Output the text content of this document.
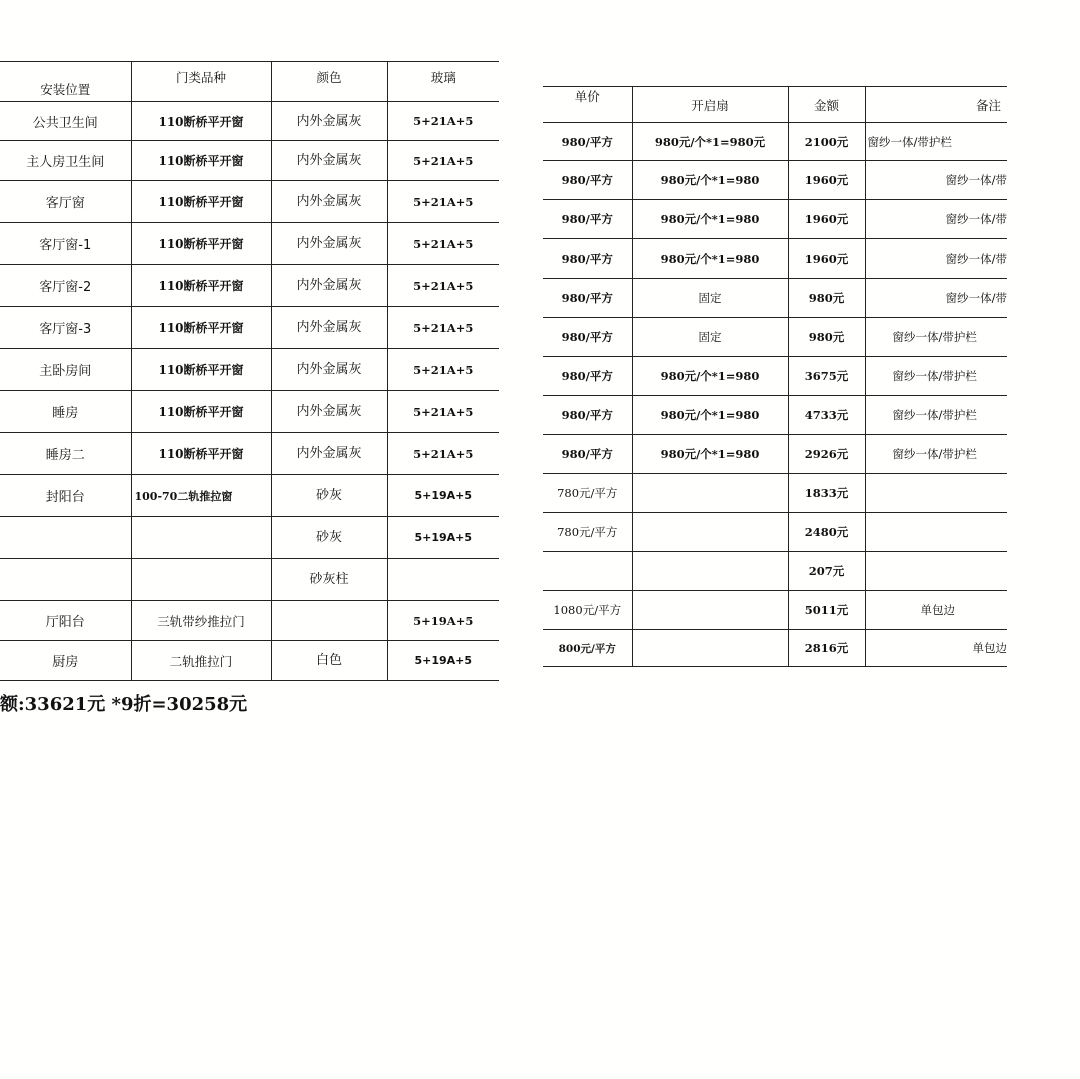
安装位置	门类品种	颜色	玻璃
公共卫生间	110断桥平开窗	内外金属灰	5+21A+5
主人房卫生间	110断桥平开窗	内外金属灰	5+21A+5
客厅窗	110断桥平开窗	内外金属灰	5+21A+5
客厅窗-1	110断桥平开窗	内外金属灰	5+21A+5
客厅窗-2	110断桥平开窗	内外金属灰	5+21A+5
客厅窗-3	110断桥平开窗	内外金属灰	5+21A+5
主卧房间	110断桥平开窗	内外金属灰	5+21A+5
睡房	110断桥平开窗	内外金属灰	5+21A+5
睡房二	110断桥平开窗	内外金属灰	5+21A+5
封阳台	100-70二轨推拉窗	砂灰	5+19A+5
		砂灰	5+19A+5
		砂灰柱	
厅阳台	三轨带纱推拉门		5+19A+5
厨房	二轨推拉门	白色	5+19A+5
单价	开启扇	金额	备注
980/平方	980元/个*1=980元	2100元	窗纱一体/带护栏
980/平方	980元/个*1=980	1960元	窗纱一体/带
980/平方	980元/个*1=980	1960元	窗纱一体/带
980/平方	980元/个*1=980	1960元	窗纱一体/带
980/平方	固定	980元	窗纱一体/带
980/平方	固定	980元	窗纱一体/带护栏
980/平方	980元/个*1=980	3675元	窗纱一体/带护栏
980/平方	980元/个*1=980	4733元	窗纱一体/带护栏
980/平方	980元/个*1=980	2926元	窗纱一体/带护栏
780元/平方		1833元	
780元/平方		2480元	
		207元	
1080元/平方		5011元	单包边
800元/平方		2816元	单包边
额:33621元 *9折=30258元
